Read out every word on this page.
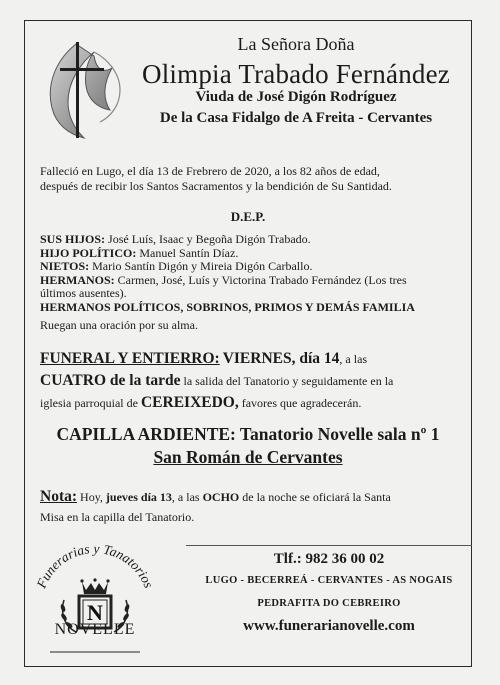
La Señora Doña
Olimpia Trabado Fernández
Viuda de José Digón Rodríguez
De la Casa Fidalgo de A Freita - Cervantes
Falleció en Lugo, el día 13 de Frebrero de 2020, a los 82 años de edad,
después de recibir los Santos Sacramentos y la bendición de Su Santidad.
D.E.P.
SUS HIJOS: José Luís, Isaac y Begoña Digón Trabado.
HIJO POLÍTICO: Manuel Santín Díaz.
NIETOS: Mario Santín Digón y Mireia Digón Carballo.
HERMANOS: Carmen, José, Luís y Victorina Trabado Fernández (Los tres
últimos ausentes).
HERMANOS POLÍTICOS, SOBRINOS, PRIMOS Y DEMÁS FAMILIA
Ruegan una oración por su alma.
FUNERAL Y ENTIERRO: VIERNES, día 14, a las
CUATRO de la tarde la salida del Tanatorio y seguidamente en la
iglesia parroquial de CEREIXEDO, favores que agradecerán.
CAPILLA ARDIENTE: Tanatorio Novelle sala nº 1
San Román de Cervantes
Nota: Hoy, jueves día 13, a las OCHO de la noche se oficiará la Santa
Misa en la capilla del Tanatorio.
Tlf.: 982 36 00 02
LUGO - BECERREÁ - CERVANTES - AS NOGAIS
PEDRAFITA DO CEBREIRO
www.funerarianovelle.com
Funerarias y Tanatorios
N
NOVELLE
